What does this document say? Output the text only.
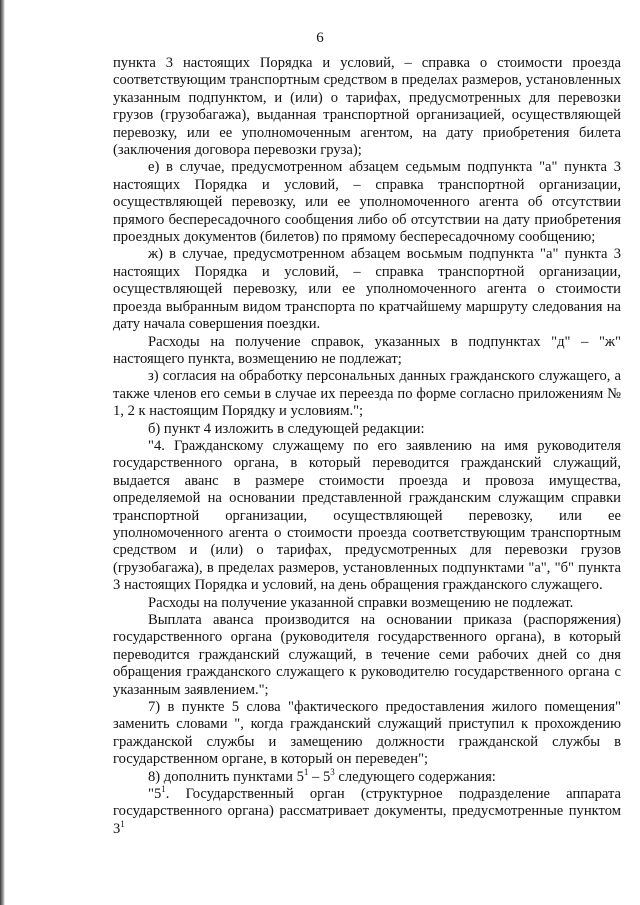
6

пункта 3 настоящих Порядка и условий, – справка о стоимости проезда соответствующим транспортным средством в пределах размеров, установленных указанным подпунктом, и (или) о тарифах, предусмотренных для перевозки грузов (грузобагажа), выданная транспортной организацией, осуществляющей перевозку, или ее уполномоченным агентом, на дату приобретения билета (заключения договора перевозки груза);

е) в случае, предусмотренном абзацем седьмым подпункта "а" пункта 3 настоящих Порядка и условий, – справка транспортной организации, осуществляющей перевозку, или ее уполномоченного агента об отсутствии прямого беспересадочного сообщения либо об отсутствии на дату приобретения проездных документов (билетов) по прямому беспересадочному сообщению;

ж) в случае, предусмотренном абзацем восьмым подпункта "а" пункта 3 настоящих Порядка и условий, – справка транспортной организации, осуществляющей перевозку, или ее уполномоченного агента о стоимости проезда выбранным видом транспорта по кратчайшему маршруту следования на дату начала совершения поездки.

Расходы на получение справок, указанных в подпунктах "д" – "ж" настоящего пункта, возмещению не подлежат;

з) согласия на обработку персональных данных гражданского служащего, а также членов его семьи в случае их переезда по форме согласно приложениям № 1, 2 к настоящим Порядку и условиям.";

б) пункт 4 изложить в следующей редакции:

"4. Гражданскому служащему по его заявлению на имя руководителя государственного органа, в который переводится гражданский служащий, выдается аванс в размере стоимости проезда и провоза имущества, определяемой на основании представленной гражданским служащим справки транспортной организации, осуществляющей перевозку, или ее уполномоченного агента о стоимости проезда соответствующим транспортным средством и (или) о тарифах, предусмотренных для перевозки грузов (грузобагажа), в пределах размеров, установленных подпунктами "а", "б" пункта 3 настоящих Порядка и условий, на день обращения гражданского служащего.

Расходы на получение указанной справки возмещению не подлежат.

Выплата аванса производится на основании приказа (распоряжения) государственного органа (руководителя государственного органа), в который переводится гражданский служащий, в течение семи рабочих дней со дня обращения гражданского служащего к руководителю государственного органа с указанным заявлением.";

7) в пункте 5 слова "фактического предоставления жилого помещения" заменить словами ", когда гражданский служащий приступил к прохождению гражданской службы и замещению должности гражданской службы в государственном органе, в который он переведен";

8) дополнить пунктами $5^1 - 5^3$ следующего содержания:

"$5^1$. Государственный орган (структурное подразделение аппарата государственного органа) рассматривает документы, предусмотренные пунктом $3^1$
